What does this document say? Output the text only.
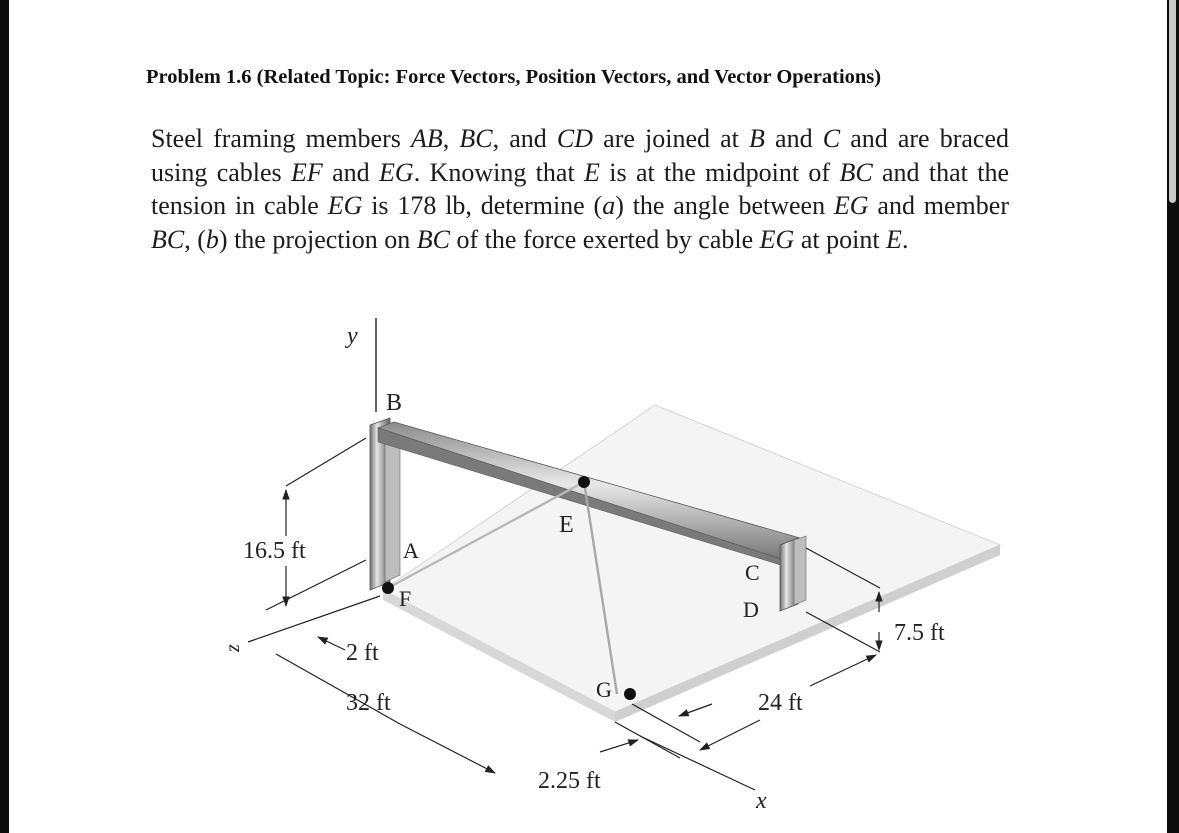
Problem 1.6 (Related Topic: Force Vectors, Position Vectors, and Vector Operations)
Steel framing members AB, BC, and CD are joined at B and C and are braced using cables EF and EG. Knowing that E is at the midpoint of BC and that the tension in cable EG is 178 lb, determine (a) the angle between EG and member BC, (b) the projection on BC of the force exerted by cable EG at point E.
y
B
E
A
F
C
D
G
z
x
16.5 ft
2 ft
32 ft
2.25 ft
24 ft
7.5 ft
